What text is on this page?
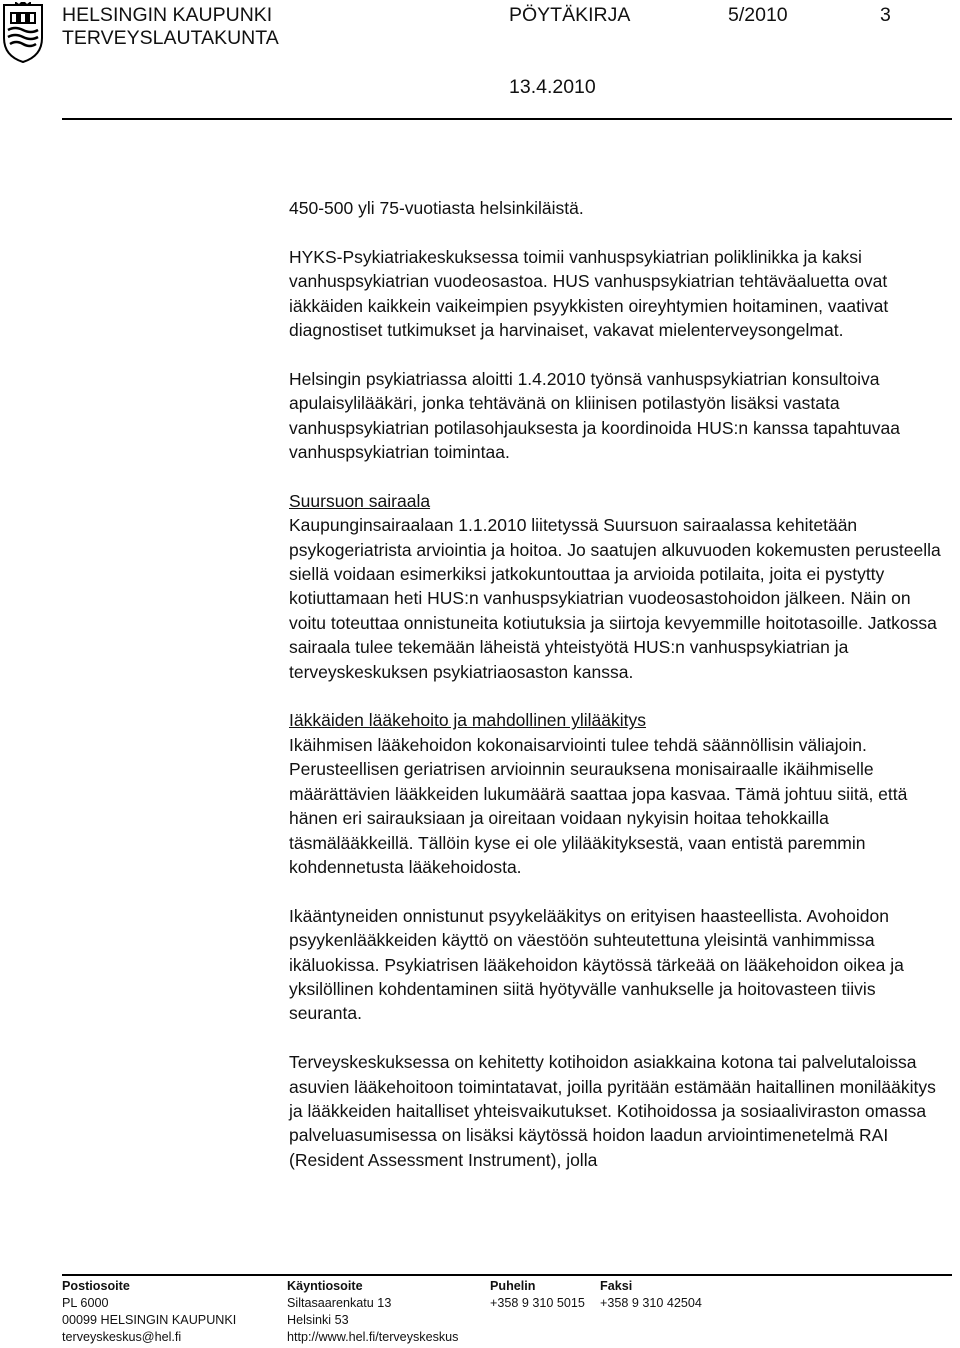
HELSINGIN KAUPUNKI
TERVEYSLAUTAKUNTA
PÖYTÄKIRJA	5/2010	3
13.4.2010

450-500 yli 75-vuotiasta helsinkiläistä.

HYKS-Psykiatriakeskuksessa toimii vanhuspsykiatrian poliklinikka ja kaksi vanhuspsykiatrian vuodeosastoa. HUS vanhuspsykiatrian tehtäväaluetta ovat iäkkäiden kaikkein vaikeimpien psyykkisten oireyhtymien hoitaminen, vaativat diagnostiset tutkimukset ja harvinaiset, vakavat mielenterveysongelmat.

Helsingin psykiatriassa aloitti 1.4.2010 työnsä vanhuspsykiatrian konsultoiva apulaisylilääkäri, jonka tehtävänä on kliinisen potilastyön lisäksi vastata vanhuspsykiatrian potilasohjauksesta ja koordinoida HUS:n kanssa tapahtuvaa vanhuspsykiatrian toimintaa.

Suursuon sairaala

Kaupunginsairaalaan 1.1.2010 liitetyssä Suursuon sairaalassa kehitetään psykogeriatrista arviointia ja hoitoa. Jo saatujen alkuvuoden kokemusten perusteella siellä voidaan esimerkiksi jatkokuntouttaa ja arvioida potilaita, joita ei pystytty kotiuttamaan heti HUS:n vanhuspsykiatrian vuodeosastohoidon jälkeen. Näin on voitu toteuttaa onnistuneita kotiutuksia ja siirtoja kevyemmille hoitotasoille. Jatkossa sairaala tulee tekemään läheistä yhteistyötä HUS:n vanhuspsykiatrian ja terveyskeskuksen psykiatriaosaston kanssa.

Iäkkäiden lääkehoito ja mahdollinen ylilääkitys

Ikäihmisen lääkehoidon kokonaisarviointi tulee tehdä säännöllisin väliajoin. Perusteellisen geriatrisen arvioinnin seurauksena monisairaalle ikäihmiselle määrättävien lääkkeiden lukumäärä saattaa jopa kasvaa. Tämä johtuu siitä, että hänen eri sairauksiaan ja oireitaan voidaan nykyisin hoitaa tehokkailla täsmälääkkeillä. Tällöin kyse ei ole ylilääkityksestä, vaan entistä paremmin kohdennetusta lääkehoidosta.

Ikääntyneiden onnistunut psyykelääkitys on erityisen haasteellista. Avohoidon psyykenlääkkeiden käyttö on väestöön suhteutettuna yleisintä vanhimmissa ikäluokissa. Psykiatrisen lääkehoidon käytössä tärkeää on lääkehoidon oikea ja yksilöllinen kohdentaminen siitä hyötyvälle vanhukselle ja hoitovasteen tiivis seuranta.

Terveyskeskuksessa on kehitetty kotihoidon asiakkaina kotona tai palvelutaloissa asuvien lääkehoitoon toimintatavat, joilla pyritään estämään haitallinen monilääkitys ja lääkkeiden haitalliset yhteisvaikutukset. Kotihoidossa ja sosiaaliviraston omassa palveluasumisessa on lisäksi käytössä hoidon laadun arviointimenetelmä RAI (Resident Assessment Instrument), jolla

Postiosoite
PL 6000
00099 HELSINGIN KAUPUNKI
terveyskeskus@hel.fi
Käyntiosoite
Siltasaarenkatu 13
Helsinki 53
http://www.hel.fi/terveyskeskus
Puhelin
+358 9 310 5015
Faksi
+358 9 310 42504
